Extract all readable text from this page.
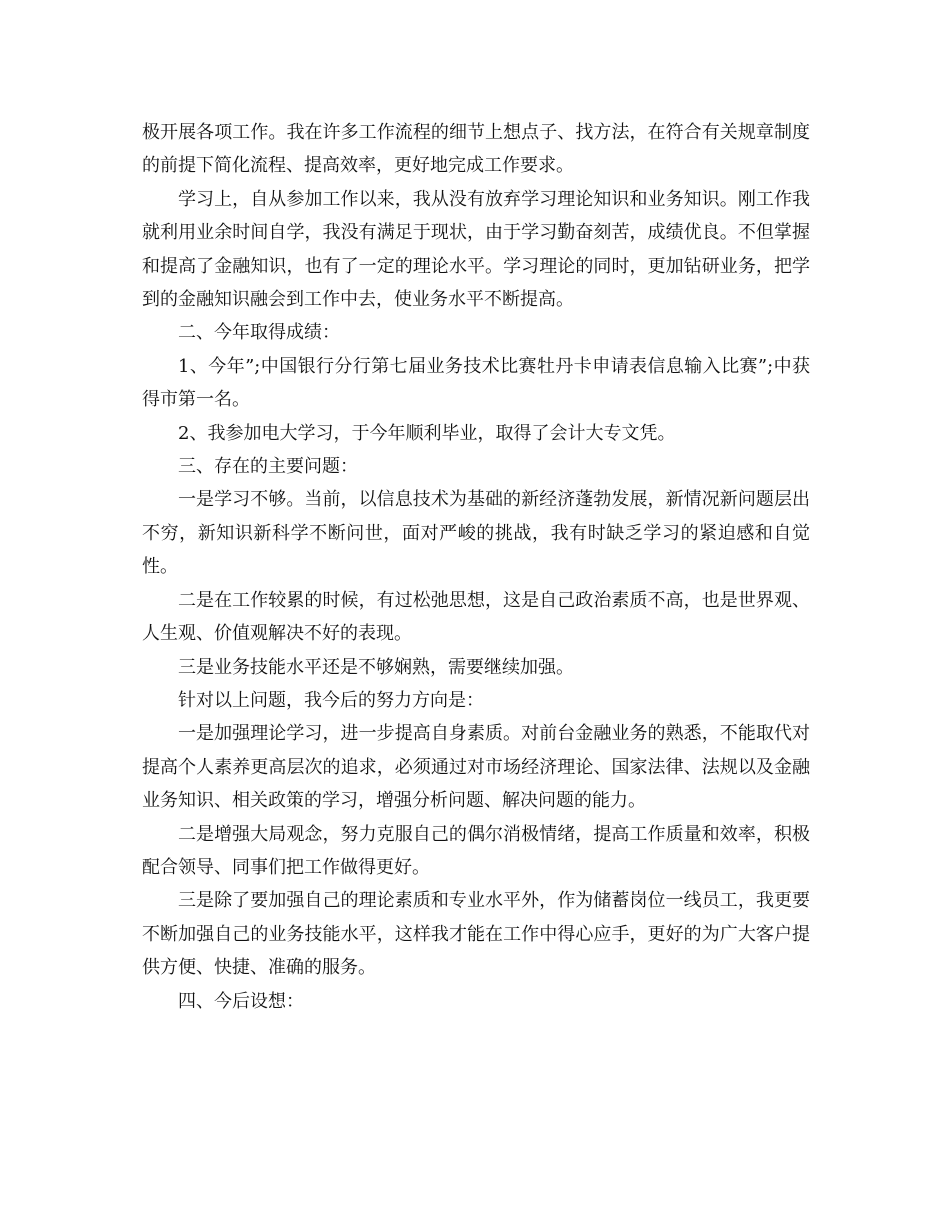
极开展各项工作。我在许多工作流程的细节上想点子、找方法，在符合有关规章制度的前提下简化流程、提高效率，更好地完成工作要求。

学习上，自从参加工作以来，我从没有放弃学习理论知识和业务知识。刚工作我就利用业余时间自学，我没有满足于现状，由于学习勤奋刻苦，成绩优良。不但掌握和提高了金融知识，也有了一定的理论水平。学习理论的同时，更加钻研业务，把学到的金融知识融会到工作中去，使业务水平不断提高。

二、今年取得成绩：

1、今年”;中国银行分行第七届业务技术比赛牡丹卡申请表信息输入比赛”;中获得市第一名。

2、我参加电大学习，于今年顺利毕业，取得了会计大专文凭。

三、存在的主要问题：

一是学习不够。当前，以信息技术为基础的新经济蓬勃发展，新情况新问题层出不穷，新知识新科学不断问世，面对严峻的挑战，我有时缺乏学习的紧迫感和自觉性。

二是在工作较累的时候，有过松弛思想，这是自己政治素质不高，也是世界观、人生观、价值观解决不好的表现。

三是业务技能水平还是不够娴熟，需要继续加强。

针对以上问题，我今后的努力方向是：

一是加强理论学习，进一步提高自身素质。对前台金融业务的熟悉，不能取代对提高个人素养更高层次的追求，必须通过对市场经济理论、国家法律、法规以及金融业务知识、相关政策的学习，增强分析问题、解决问题的能力。

二是增强大局观念，努力克服自己的偶尔消极情绪，提高工作质量和效率，积极配合领导、同事们把工作做得更好。

三是除了要加强自己的理论素质和专业水平外，作为储蓄岗位一线员工，我更要不断加强自己的业务技能水平，这样我才能在工作中得心应手，更好的为广大客户提供方便、快捷、准确的服务。

四、今后设想：
